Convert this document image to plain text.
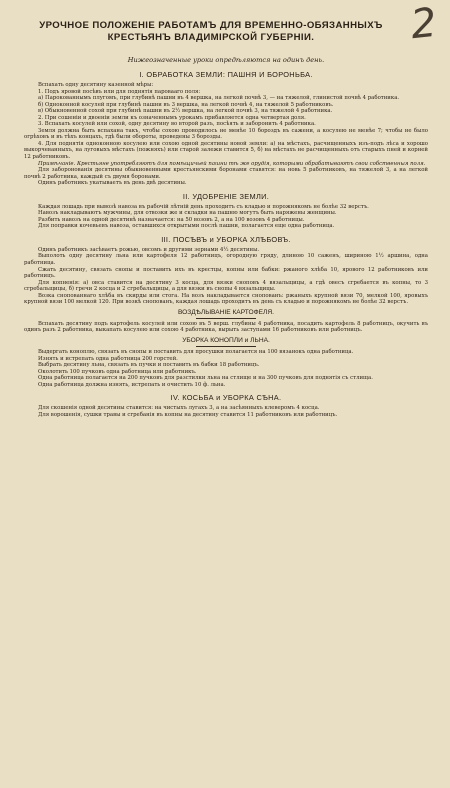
2
УРОЧНОЕ ПОЛОЖЕНIЕ РАБОТАМЪ ДЛЯ ВРЕМЕННО-ОБЯЗАННЫХЪ
КРЕСТЬЯНЪ ВЛАДИМIРСКОЙ ГУБЕРНIИ.
Нижеозначенные уроки опредѣляются на одинъ день.
I. ОБРАБОТКА ЗЕМЛИ: ПАШНЯ И БОРОНЬБА.

Вспахать одну десятину казенной мѣры:

1. Подъ яровой посѣвъ или для поднятiя паровааго поля:

а) Парокованнымъ плугомъ, при глубинѣ пашни въ 4 вершка, на легкой почвѣ 3, — на тяжелой, глинистой почвѣ 4 работника.

б) Одноконной косулей при глубинѣ пашни въ 3 вершка, на легкой почвѣ 4, на тяжелой 5 работниковъ.

в) Обыкновенной сохой при глубинѣ пашни въ 2½ вершка, на легкой почвѣ 3, на тяжелой 4 работника.

2. При сошенiи и двоенiи земли къ означеннымъ урокамъ прибавляется одна четвертая доля.

3. Вспахать косулей или сохой, одну десятину во второй разъ, посѣять и заборонить 4 работника.

Земля должна быть вспахана такъ, чтобы сохою проводилось не менѣе 10 бороздъ въ сажени, а косулею не менѣе 7; чтобы не было огрѣховъ и въ тѣхъ концахъ, гдѣ были обороты, проведены 3 борозды.

4. Для поднятiя одноконною косулею или сохою одной десятины новой земли: а) на мѣстахъ, расчищенныхъ изъ-подъ лѣса и хорошо выкорчеванныхъ, на луговыхъ мѣстахъ (пожняхъ) или старой залежи ставится 5, б) на мѣстахъ не расчищенныхъ отъ старыхъ пней и корней 12 работниковъ.

Примѣчанiе. Крестьяне употребляютъ для помѣщичьей пашни тѣ же орудiя, которыми обрабатываютъ свои собственныя поля.

Для заборонованiя десятины обыкновенными крестьянскими боронами ставятся: на новь 5 работниковъ, на тяжелой 3, а на легкой почвѣ 2 работника, каждый съ двумя боронами.

Одинъ работникъ укатываетъ въ день двѣ десятины.

II. УДОБРЕНIЕ ЗЕМЛИ.

Каждая лошадь при вывозѣ навоза въ рабочiй лѣтнiй день проходитъ съ кладью и порожнякомъ не болѣе 32 верстъ.

Навозъ накладываютъ мужчины, для отвозки же и складки на пашню могутъ быть наряжены женщины.

Разбить навозъ на одной десятинѣ назначается: на 50 возовъ 2, а на 100 возовъ 4 работницы.

Для поправки кочевьевъ навоза, оставшихся открытыми послѣ пашни, полагается еще одна работница.

III. ПОСѢВЪ и УБОРКА ХЛѢБОВЪ.

Одинъ работникъ засѣваетъ рожью, овсомъ и другими зернами 4½ десятины.

Выполоть одну десятину льна или картофеля 12 работницъ, огородную гряду, длиною 10 саженъ, шириною 1½ аршина, одна работница.

Сжать десятину, связать снопы и поставить ихъ въ крестцы, копны или бабки: ржаного хлѣба 10, ярового 12 работниковъ или работницъ.

Для копненiя: а) овса ставится на десятину 3 косца, для вязки сноповъ 4 вязальщицы, а гдѣ овесъ сгребается въ копны, то 3 сгребальщицы, б) гречи 2 косца и 2 сгребальщицы, а для вязки въ снопы 4 вязальщицы.

Возка снопованнаго хлѣба въ скирды или стога. На возъ накладывается снопованъ: ржаныхъ крупной вязи 70, мелкой 100, яровыхъ крупной вязи 100 мелкой 120. При возкѣ снопованъ, каждая лошадь проходитъ въ день съ кладью и порожнякомъ не болѣе 32 верстъ.

ВОЗДѢЛЫВАНIЕ КАРТОФЕЛЯ.

Вспахать десятину подъ картофель косулей или сохою въ 5 верш. глубины 4 работника, посадить картофель 8 работницъ, окучить въ одинъ разъ 2 работника, выкапать косулею или сохою 4 работника, вырыть заступами 16 работниковъ или работницъ.

УБОРКА КОНОПЛИ и ЛЬНА.

Выдергать коноплю, связать въ снопы и поставить для просушки полагается на 100 вязанокъ одна работница.

Изнять и истрепать одна работница 200 горстей.

Выбрать десятину льна, связать въ пучки и поставить въ бабки 18 работницъ.

Околотить 100 пучковъ одна работница или работникъ.

Одна работница полагается на 200 пучковъ для разстилки льна на стлище и на 300 пучковъ для поднятiя съ стлища.

Одна работница должна изнять, истрепать и очистить 10 ф. льна.

IV. КОСЬБА и УБОРКА СѢНА.

Для скошенiя одной десятины ставится: на чистыхъ лугахъ 3, а на засѣянныхъ клеверомъ 4 косца.

Для ворошенiя, сушки травы и сгребанiя въ копны на десятину ставится 11 работниковъ или работницъ.
